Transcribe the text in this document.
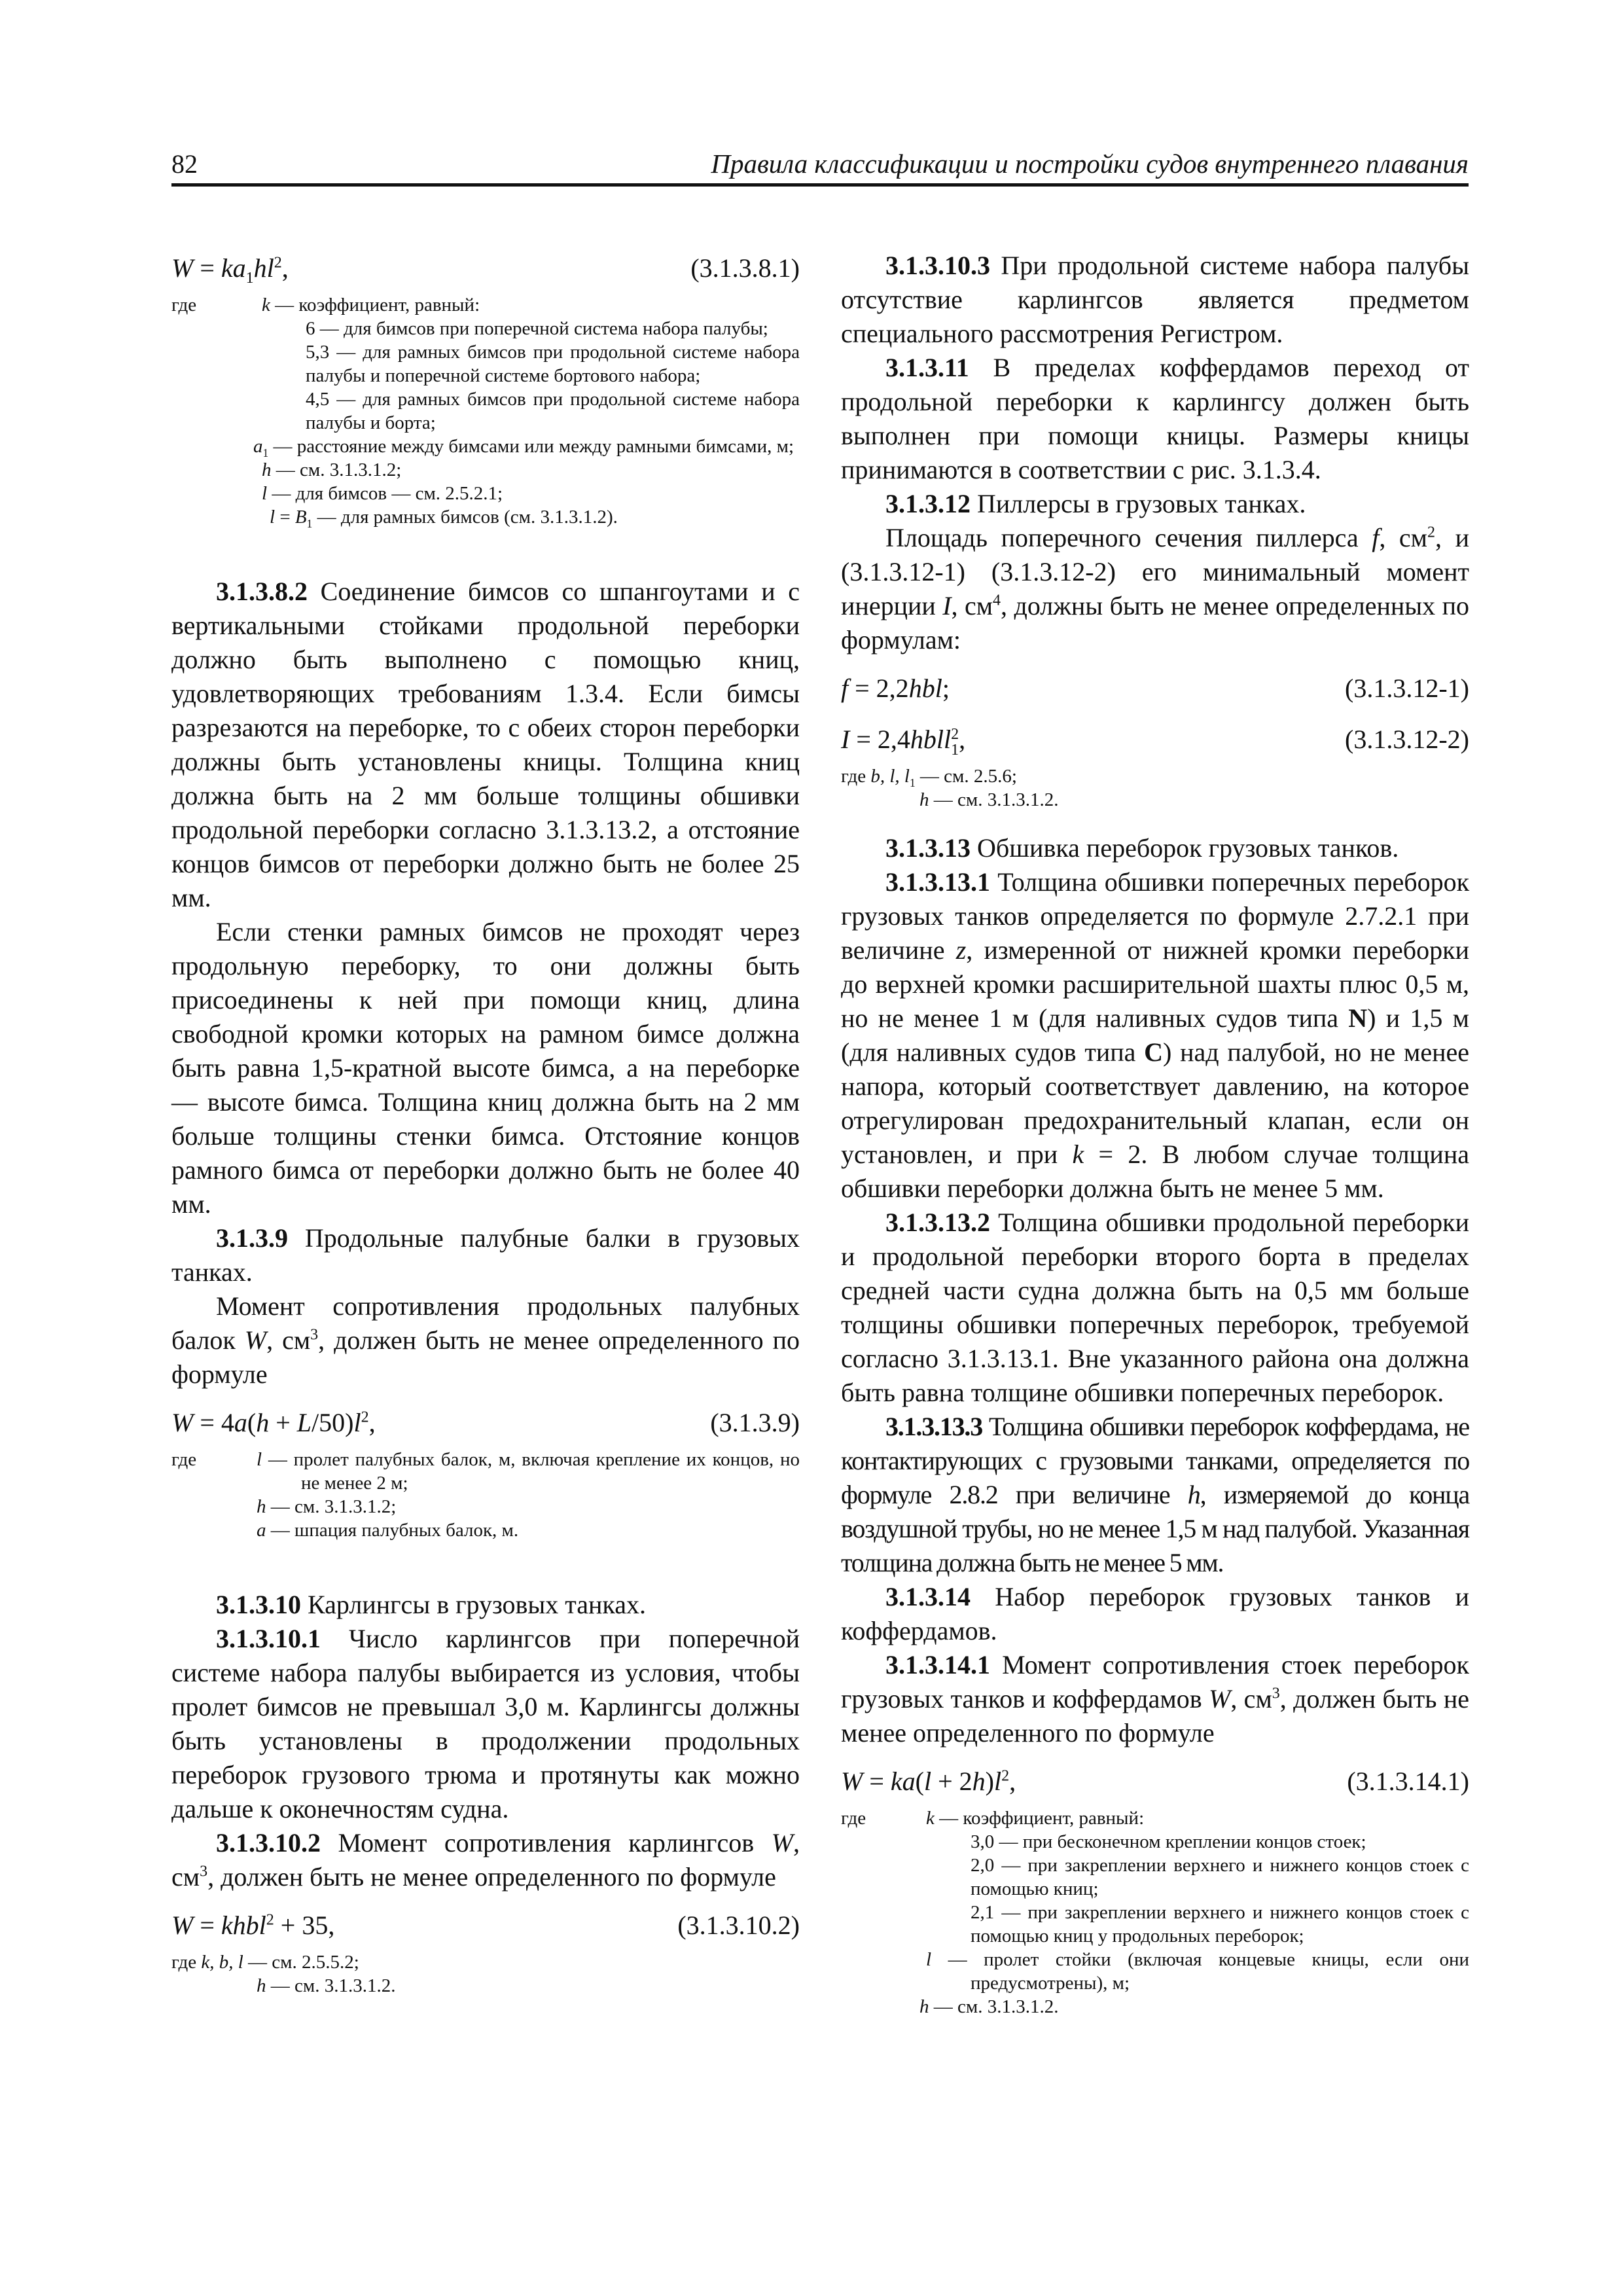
82	Правила классификации и постройки судов внутреннего плавания
$W = ka_1hl^2$,	(3.1.3.8.1)
где	k — коэффициент, равный:
6 — для бимсов при поперечной система набора палубы;
5,3 — для рамных бимсов при продольной системе набора палубы и поперечной системе бортового набора;
4,5 — для рамных бимсов при продольной системе набора палубы и борта;
$a_1$ — расстояние между бимсами или между рамными бимсами, м;
h — см. 3.1.3.1.2;
l — для бимсов — см. 2.5.2.1;
$l = B_1$ — для рамных бимсов (см. 3.1.3.1.2).

3.1.3.8.2 Соединение бимсов со шпангоутами и с вертикальными стойками продольной переборки должно быть выполнено с помощью книц, удовлетворяющих требованиям 1.3.4. Если бимсы разрезаются на переборке, то с обеих сторон переборки должны быть установлены кницы. Толщина книц должна быть на 2 мм больше толщины обшивки продольной переборки согласно 3.1.3.13.2, а отстояние концов бимсов от переборки должно быть не более 25 мм.

Если стенки рамных бимсов не проходят через продольную переборку, то они должны быть присоединены к ней при помощи книц, длина свободной кромки которых на рамном бимсе должна быть равна 1,5-кратной высоте бимса, а на переборке — высоте бимса. Толщина книц должна быть на 2 мм больше толщины стенки бимса. Отстояние концов рамного бимса от переборки должно быть не более 40 мм.

3.1.3.9 Продольные палубные балки в грузовых танках.

Момент сопротивления продольных палубных балок W, $см^3$, должен быть не менее определенного по формуле

$W = 4a(h + L/50)l^2$,	(3.1.3.9)
где	l — пролет палубных балок, м, включая крепление их концов, но не менее 2 м;
h — см. 3.1.3.1.2;
a — шпация палубных балок, м.

3.1.3.10 Карлингсы в грузовых танках.

3.1.3.10.1 Число карлингсов при поперечной системе набора палубы выбирается из условия, чтобы пролет бимсов не превышал 3,0 м. Карлингсы должны быть установлены в продолжении продольных переборок грузового трюма и протянуты как можно дальше к оконечностям судна.

3.1.3.10.2 Момент сопротивления карлингсов W, $см^3$, должен быть не менее определенного по формуле

W = khbl$^2$ + 35,	(3.1.3.10.2)
где k, b, l — см. 2.5.5.2;
h — см. 3.1.3.1.2.

3.1.3.10.3 При продольной системе набора палубы отсутствие карлингсов является предметом специального рассмотрения Регистром.

3.1.3.11 В пределах коффердамов переход от продольной переборки к карлингсу должен быть выполнен при помощи кницы. Размеры кницы принимаются в соответствии с рис. 3.1.3.4.

3.1.3.12 Пиллерсы в грузовых танках.

Площадь поперечного сечения пиллерса f, $см^2$, и (3.1.3.12-1) (3.1.3.12-2) его минимальный момент инерции I, $см^4$, должны быть не менее определенных по формулам:

f = 2,2hbl;	(3.1.3.12-1)
I = 2,4hbll 2
1 ,	(3.1.3.12-2)
где b, l, $l_1$ — см. 2.5.6;
h — см. 3.1.3.1.2.

3.1.3.13 Обшивка переборок грузовых танков.

3.1.3.13.1 Толщина обшивки поперечных переборок грузовых танков определяется по формуле 2.7.2.1 при величине z, измеренной от нижней кромки переборки до верхней кромки расширительной шахты плюс 0,5 м, но не менее 1 м (для наливных судов типа N) и 1,5 м (для наливных судов типа С) над палубой, но не менее напора, который соответствует давлению, на которое отрегулирован предохранительный клапан, если он установлен, и при k = 2. В любом случае толщина обшивки переборки должна быть не менее 5 мм.

3.1.3.13.2 Толщина обшивки продольной переборки и продольной переборки второго борта в пределах средней части судна должна быть на 0,5 мм больше толщины обшивки поперечных переборок, требуемой согласно 3.1.3.13.1. Вне указанного района она должна быть равна толщине обшивки поперечных переборок.

3.1.3.13.3 Толщина обшивки переборок коффердама, не контактирующих с грузовыми танками, определяется по формуле 2.8.2 при величине h, измеряемой до конца воздушной трубы, но не менее 1,5 м над палубой. Указанная толщина должна быть не менее 5 мм.

3.1.3.14 Набор переборок грузовых танков и коффердамов.

3.1.3.14.1 Момент сопротивления стоек переборок грузовых танков и коффердамов W, $см^3$, должен быть не менее определенного по формуле

$W = ka(l + 2h)l^2$,	(3.1.3.14.1)
где	k — коэффициент, равный:
3,0 — при бесконечном креплении концов стоек;
2,0 — при закреплении верхнего и нижнего концов стоек с помощью книц;
2,1 — при закреплении верхнего и нижнего концов стоек с помощью книц у продольных переборок;
l — пролет стойки (включая концевые кницы, если они предусмотрены), м;
h — см. 3.1.3.1.2.
